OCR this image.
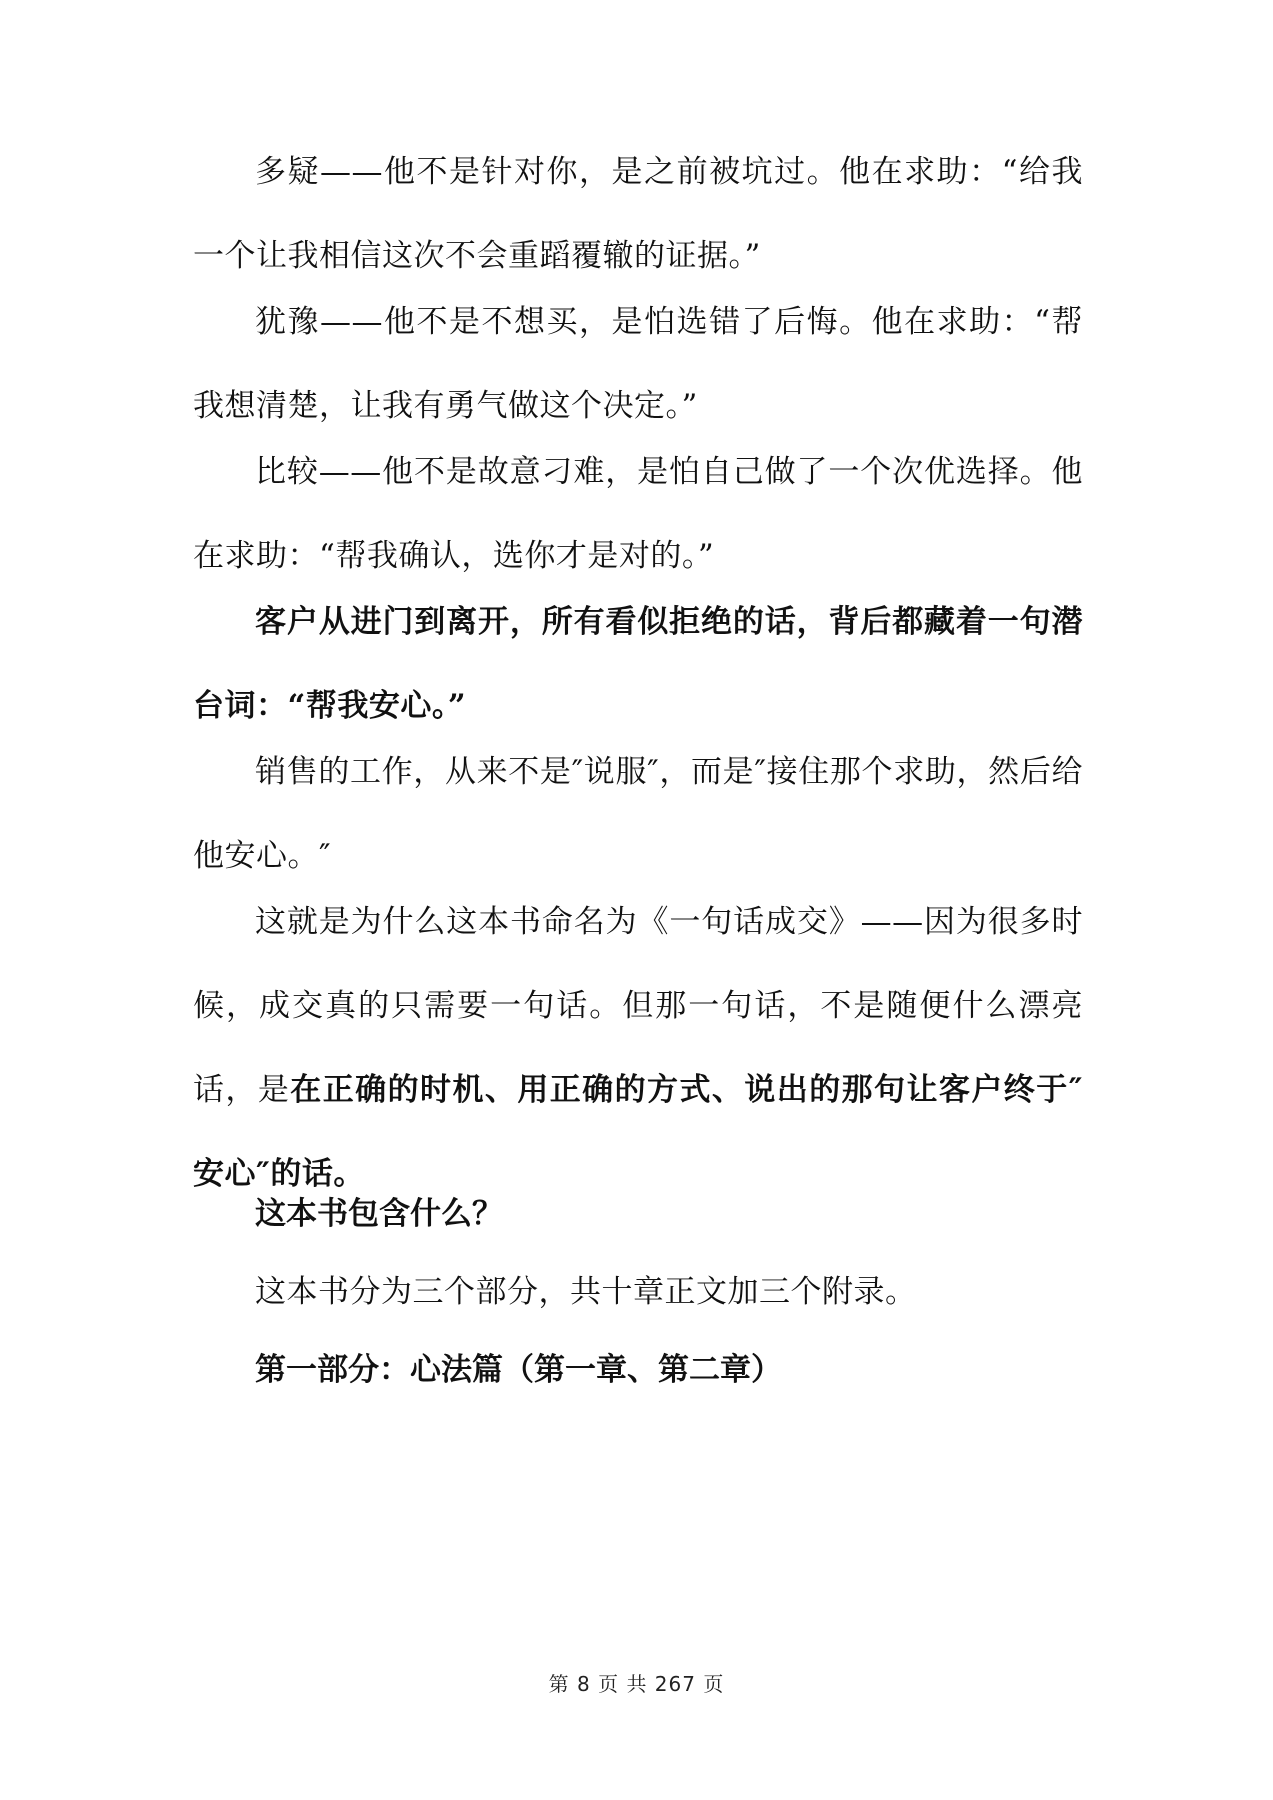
多疑——他不是针对你，是之前被坑过。他在求助：“给我一个让我相信这次不会重蹈覆辙的证据。”

犹豫——他不是不想买，是怕选错了后悔。他在求助：“帮我想清楚，让我有勇气做这个决定。”

比较——他不是故意刁难，是怕自己做了一个次优选择。他在求助：“帮我确认，选你才是对的。”

客户从进门到离开，所有看似拒绝的话，背后都藏着一句潜台词：“帮我安心。”

销售的工作，从来不是″说服″，而是″接住那个求助，然后给他安心。″

这就是为什么这本书命名为《一句话成交》——因为很多时候，成交真的只需要一句话。但那一句话，不是随便什么漂亮话，是在正确的时机、用正确的方式、说出的那句让客户终于″安心″的话。

这本书包含什么？

这本书分为三个部分，共十章正文加三个附录。

第一部分：心法篇（第一章、第二章）

第 8 页 共 267 页
